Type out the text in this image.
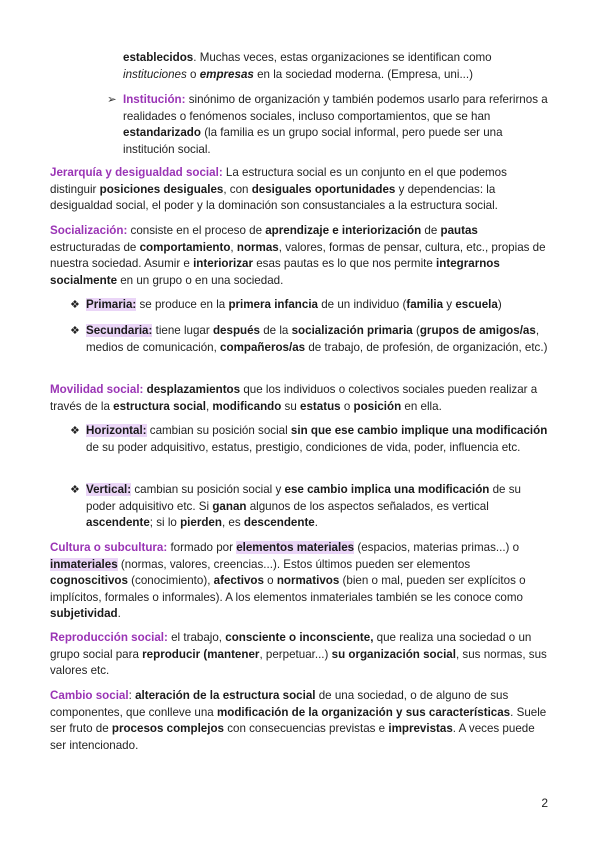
establecidos. Muchas veces, estas organizaciones se identifican como

instituciones o empresas en la sociedad moderna. (Empresa, uni...)

➢ Institución: sinónimo de organización y también podemos usarlo para referirnos a realidades o fenómenos sociales, incluso comportamientos, que se han estandarizado (la familia es un grupo social informal, pero puede ser una institución social.

Jerarquía y desigualdad social: La estructura social es un conjunto en el que podemos distinguir posiciones desiguales, con desiguales oportunidades y dependencias: la desigualdad social, el poder y la dominación son consustanciales a la estructura social.

Socialización: consiste en el proceso de aprendizaje e interiorización de pautas estructuradas de comportamiento, normas, valores, formas de pensar, cultura, etc., propias de nuestra sociedad. Asumir e interiorizar esas pautas es lo que nos permite integrarnos socialmente en un grupo o en una sociedad.

❖ Primaria: se produce en la primera infancia de un individuo (familia y escuela)

❖ Secundaria: tiene lugar después de la socialización primaria (grupos de amigos/as, medios de comunicación, compañeros/as de trabajo, de profesión, de organización, etc.)

Movilidad social: desplazamientos que los individuos o colectivos sociales pueden realizar a través de la estructura social, modificando su estatus o posición en ella.

❖ Horizontal: cambian su posición social sin que ese cambio implique una modificación de su poder adquisitivo, estatus, prestigio, condiciones de vida, poder, influencia etc.

❖ Vertical: cambian su posición social y ese cambio implica una modificación de su poder adquisitivo etc. Si ganan algunos de los aspectos señalados, es vertical ascendente; si lo pierden, es descendente.

Cultura o subcultura: formado por elementos materiales (espacios, materias primas...) o inmateriales (normas, valores, creencias...). Estos últimos pueden ser elementos cognoscitivos (conocimiento), afectivos o normativos (bien o mal, pueden ser explícitos o implícitos, formales o informales). A los elementos inmateriales también se les conoce como subjetividad.

Reproducción social: el trabajo, consciente o inconsciente, que realiza una sociedad o un grupo social para reproducir (mantener, perpetuar...) su organización social, sus normas, sus valores etc.

Cambio social: alteración de la estructura social de una sociedad, o de alguno de sus componentes, que conlleve una modificación de la organización y sus características. Suele ser fruto de procesos complejos con consecuencias previstas e imprevistas. A veces puede ser intencionado.

2
